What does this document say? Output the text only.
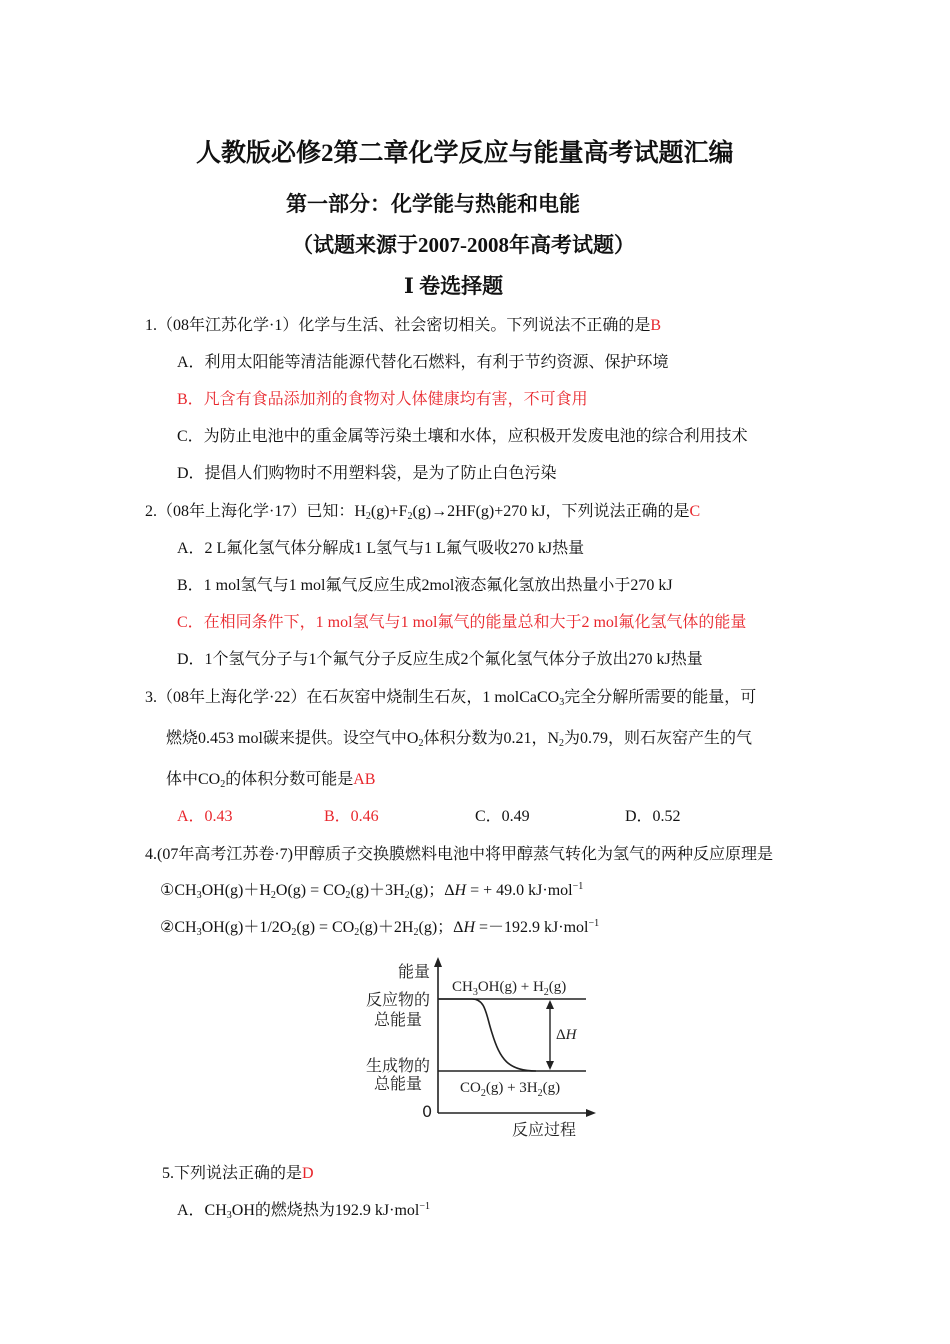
人教版必修2第二章化学反应与能量高考试题汇编
第一部分：化学能与热能和电能
（试题来源于2007-2008年高考试题）
Ⅰ 卷选择题
1.（08年江苏化学·1）化学与生活、社会密切相关。下列说法不正确的是B
A．利用太阳能等清洁能源代替化石燃料，有利于节约资源、保护环境
B．凡含有食品添加剂的食物对人体健康均有害，不可食用
C．为防止电池中的重金属等污染土壤和水体，应积极开发废电池的综合利用技术
D．提倡人们购物时不用塑料袋，是为了防止白色污染
2.（08年上海化学·17）已知：$H_2(g)+F_2(g)\to 2HF(g)+270$ kJ，下列说法正确的是C
A．2 L氟化氢气体分解成1 L氢气与1 L氟气吸收270 kJ热量
B．1 mol氢气与1 mol氟气反应生成2mol液态氟化氢放出热量小于270 kJ
C．在相同条件下，1 mol氢气与1 mol氟气的能量总和大于2 mol氟化氢气体的能量
D．1个氢气分子与1个氟气分子反应生成2个氟化氢气体分子放出270 kJ热量
3.（08年上海化学·22）在石灰窑中烧制生石灰，1 molCaCO$_3$完全分解所需要的能量，可
燃烧0.453 mol碳来提供。设空气中$O_2$体积分数为0.21，$N_2$为0.79，则石灰窑产生的气
体中$CO_2$的体积分数可能是AB
A．0.43	B．0.46	C．0.49	D．0.52
4.(07年高考江苏卷·7)甲醇质子交换膜燃料电池中将甲醇蒸气转化为氢气的两种反应原理是
$①CH_3OH(g)+H_2O(g) = CO_2(g)+3H_2(g)$；ΔH = + 49.0 kJ·mol$^{-1}$
$②CH_3OH(g)+1/2O_2(g) = CO_2(g)+2H_2(g)$；ΔH =－192.9 kJ·mol$^{-1}$
ΔH
能量
反应物的
总能量
生成物的
总能量
0
反应过程
$CH_3OH(g) + H_2(g)$
$CO_2(g) + 3H_2(g)$
5.下列说法正确的是D
A．$CH_3OH$的燃烧热为192.9 kJ·mol$^{-1}$
